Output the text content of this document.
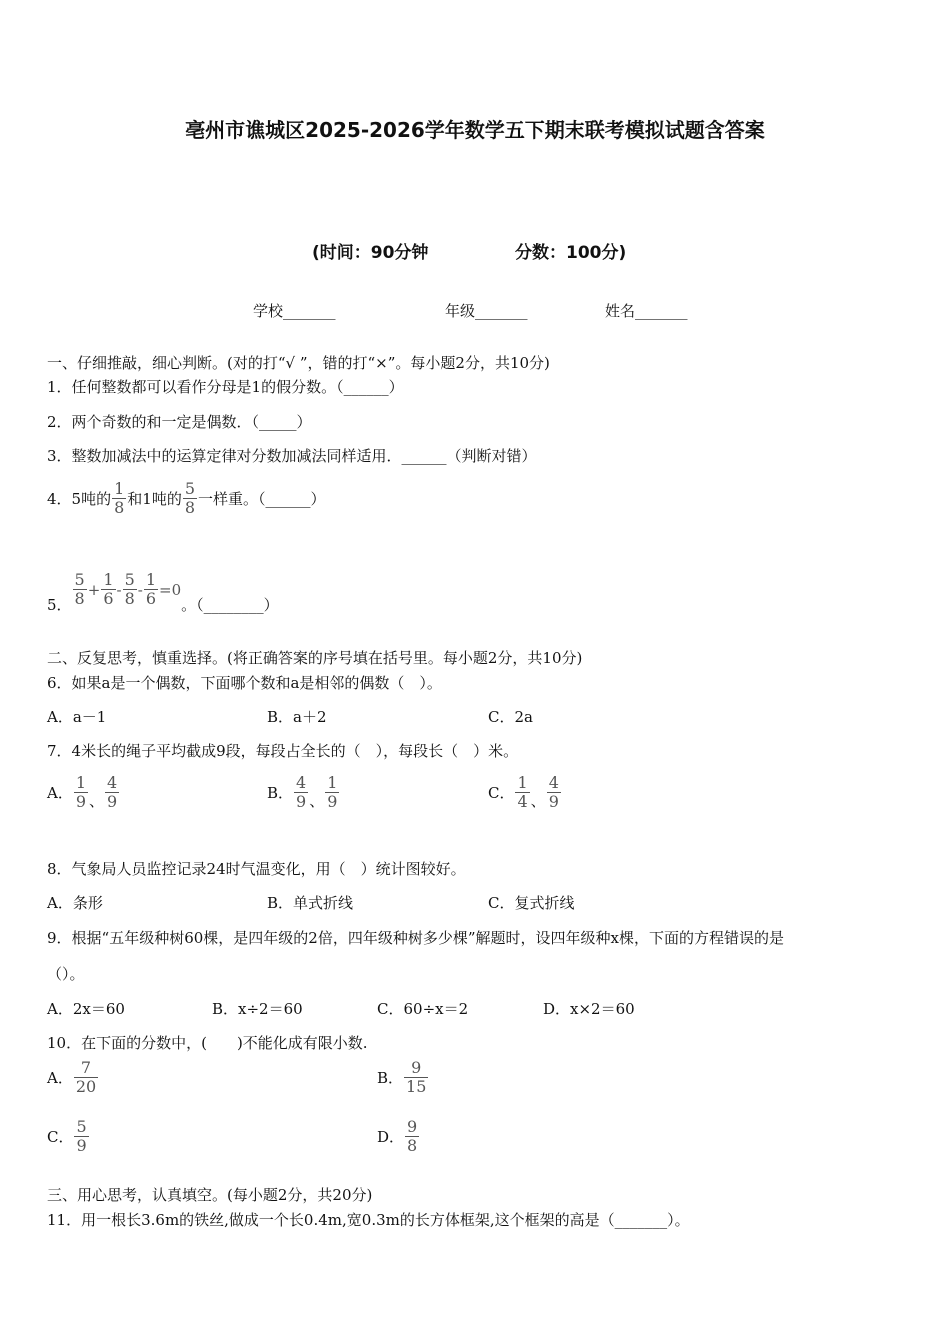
亳州市谯城区2025-2026学年数学五下期末联考模拟试题含答案
(时间：90分钟	分数：100分)
学校_______	年级_______	姓名_______
一、仔细推敲，细心判断。(对的打“√ ”，错的打“×”。每小题2分，共10分)
1．任何整数都可以看作分母是1的假分数。（______）
2．两个奇数的和一定是偶数．（_____）
3．整数加减法中的运算定律对分数加减法同样适用．______（判断对错）
4． 5吨的 $\frac{1}{8}$ 和1吨的 $\frac{5}{8}$ 一样重。（______）
5． $\frac{5}{8} + \frac{1}{6} - \frac{5}{8} - \frac{1}{6} =0$
。（________）
二、反复思考，慎重选择。(将正确答案的序号填在括号里。每小题2分，共10分)
6．如果a是一个偶数，下面哪个数和a是相邻的偶数（　）。
A．a－1	B．a＋2	C．2a
7．4米长的绳子平均截成9段，每段占全长的（　），每段长（　）米。
A． $\frac{1}{9}$ 、 $\frac{4}{9}$	B． $\frac{4}{9}$ 、 $\frac{1}{9}$	C． $\frac{1}{4}$ 、 $\frac{4}{9}$
8．气象局人员监控记录24时气温变化，用（　）统计图较好。
A．条形	B．单式折线	C．复式折线
9．根据“五年级种树60棵，是四年级的2倍，四年级种树多少棵”解题时，设四年级种x棵，下面的方程错误的是
（）。
A．2x＝60	B．x÷2＝60	C．60÷x＝2	D．x×2＝60
10．在下面的分数中，(　　)不能化成有限小数.
A． $\frac{7}{20}$	B． $\frac{9}{15}$
C． $\frac{5}{9}$	D． $\frac{9}{8}$
三、用心思考，认真填空。(每小题2分，共20分)
11．用一根长3.6m的铁丝,做成一个长0.4m,宽0.3m的长方体框架,这个框架的高是（_______）。
